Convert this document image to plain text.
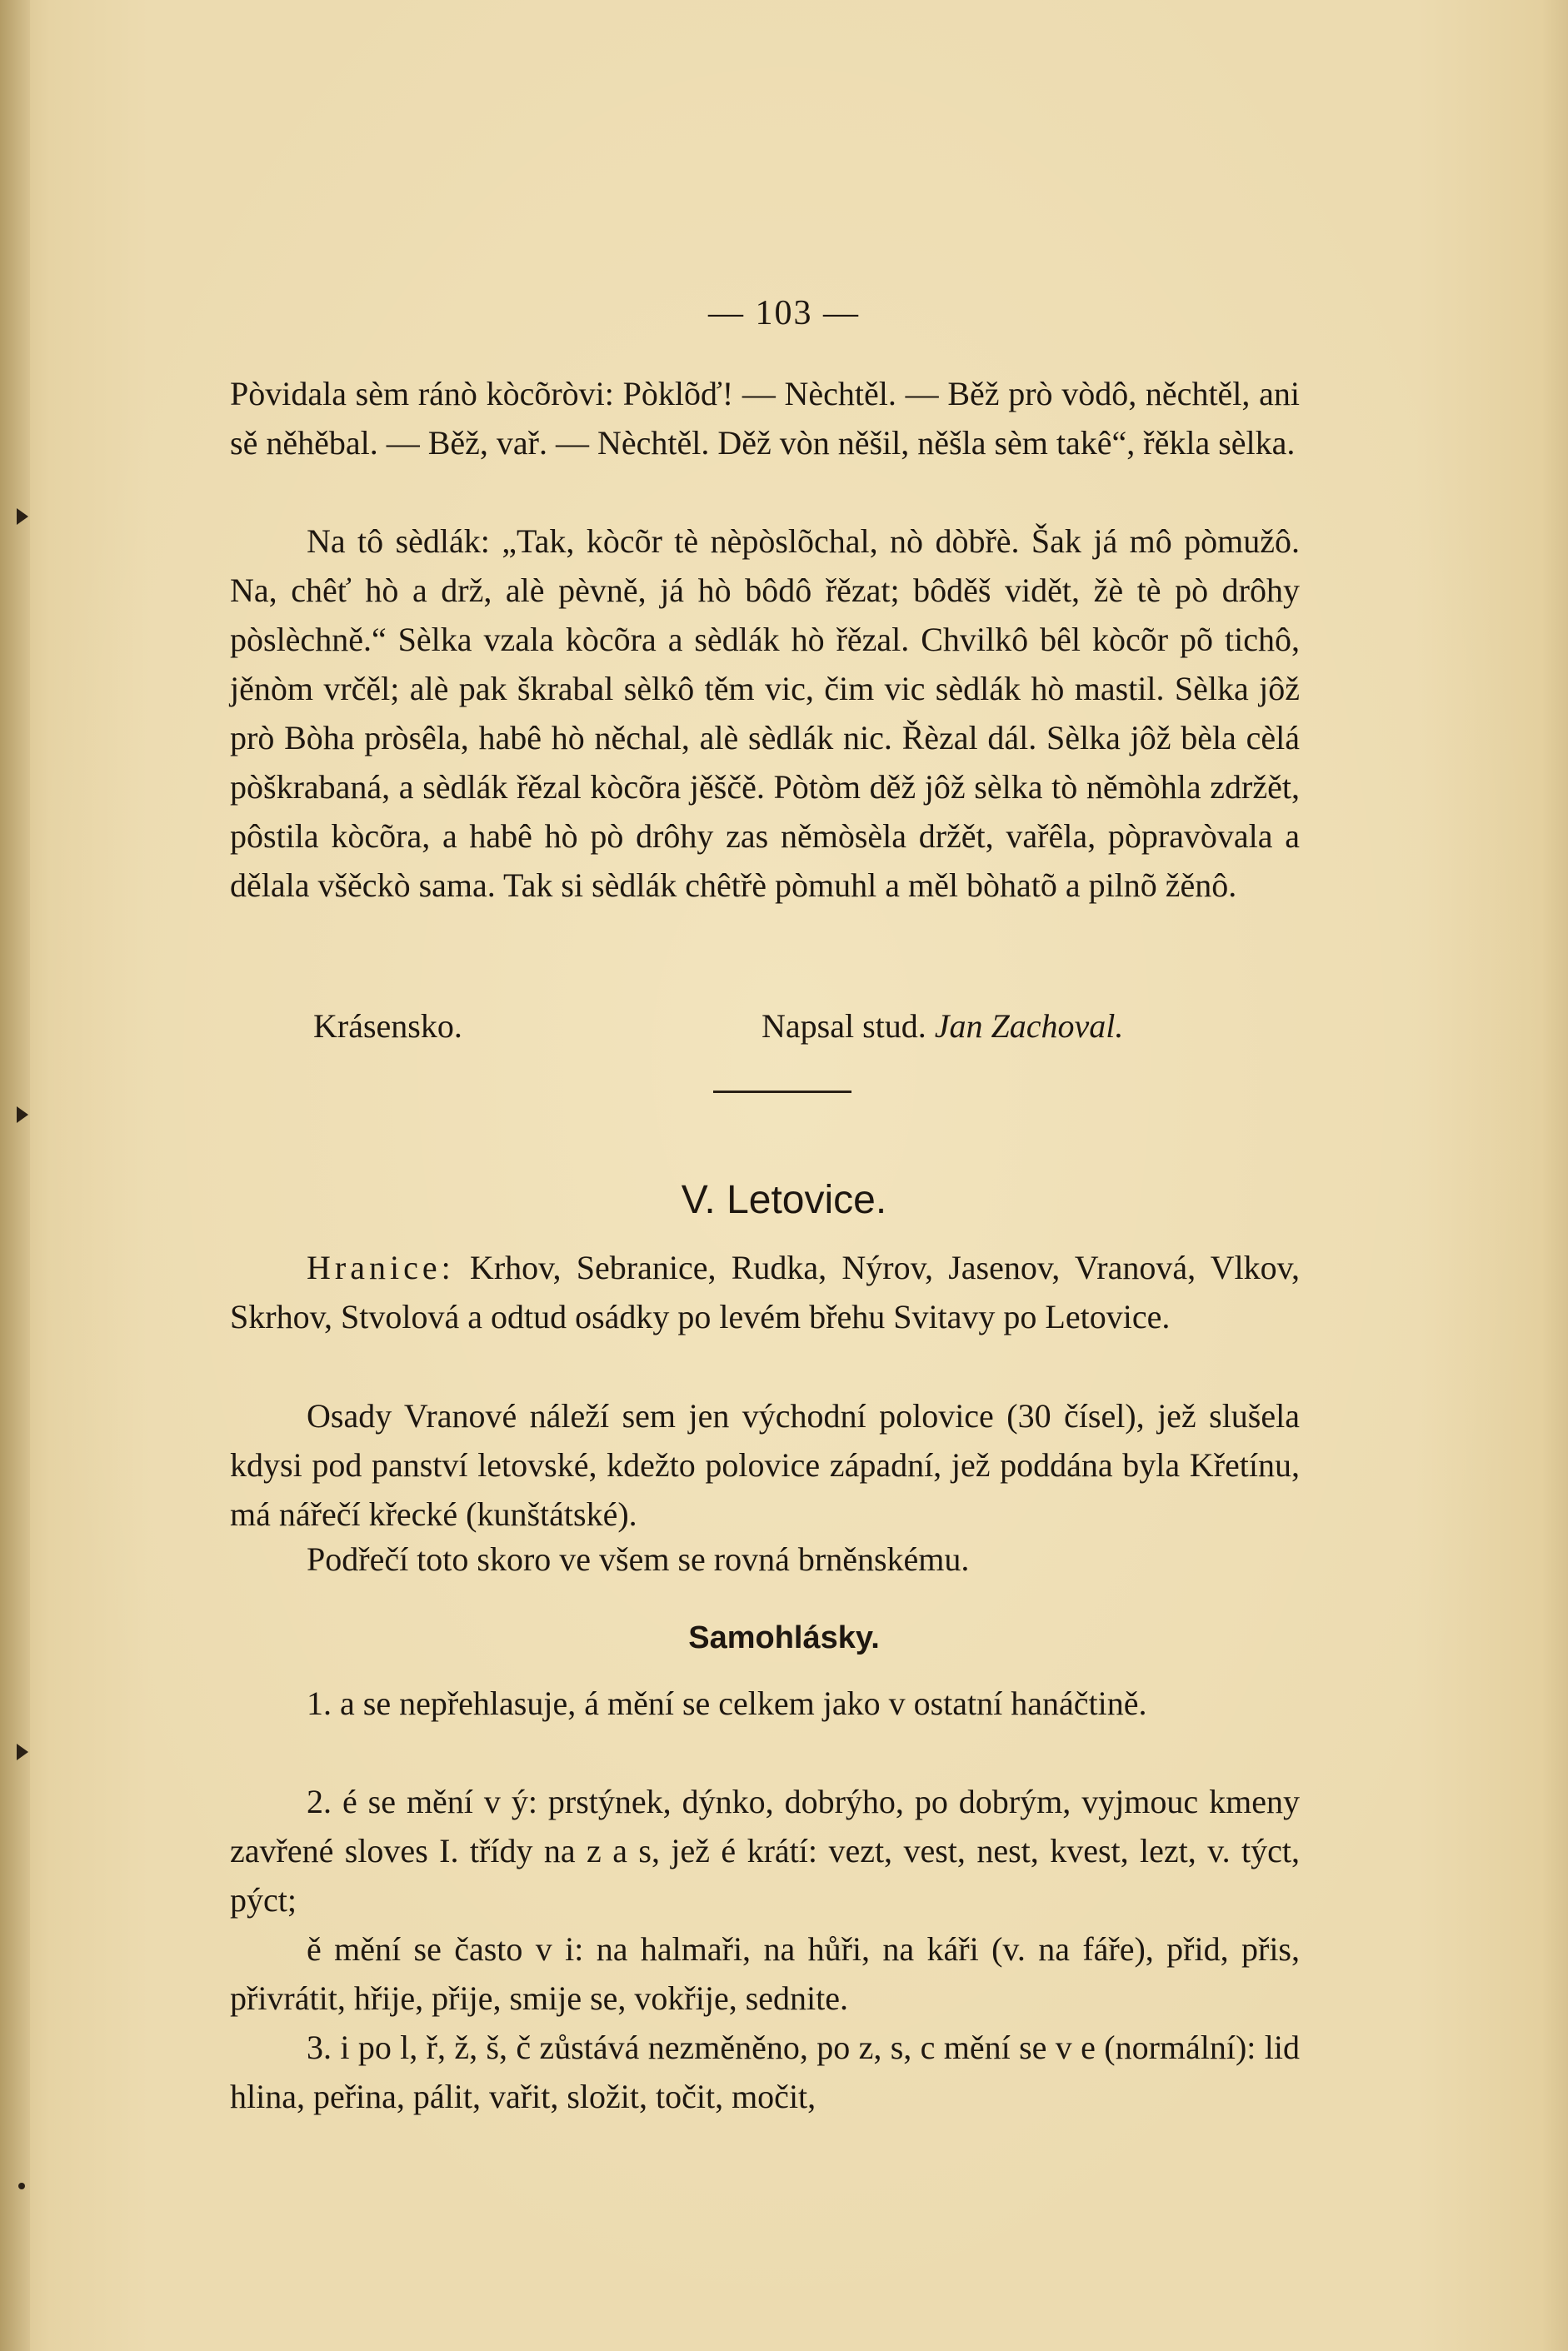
— 103 —

Pòvidala sèm ránò kòcõròvi: Pòklõď! — Nèchtěl. — Běž prò vòdô, něchtěl, ani sě něhěbal. — Běž, vař. — Nèchtěl. Děž vòn něšil, něšla sèm takê“, řěkla sèlka.

Na tô sèdlák: „Tak, kòcõr tè nèpòslõchal, nò dòbřè. Šak já mô pòmužô. Na, chêť hò a drž, alè pèvně, já hò bôdô řězat; bôděš vidět, žè tè pò drôhy pòslèchně.“ Sèlka vzala kòcõra a sèdlák hò řězal. Chvilkô bêl kòcõr põ tichô, jěnòm vrčěl; alè pak škrabal sèlkô těm vic, čim vic sèdlák hò mastil. Sèlka jôž prò Bòha pròsêla, habê hò něchal, alè sèdlák nic. Řèzal dál. Sèlka jôž bèla cèlá pòškrabaná, a sèdlák řězal kòcõra jěščě. Pòtòm děž jôž sèlka tò němòhla zdržět, pôstila kòcõra, a habê hò pò drôhy zas němòsèla držět, vařêla, pòpravòvala a dělala všěckò sama. Tak si sèdlák chêtřè pòmuhl a měl bòhatõ a pilnõ žěnô.

Krásensko.	Napsal stud. Jan Zachoval.
V. Letovice.

Hranice: Krhov, Sebranice, Rudka, Nýrov, Jasenov, Vranová, Vlkov, Skrhov, Stvolová a odtud osádky po levém břehu Svitavy po Letovice.

Osady Vranové náleží sem jen východní polovice (30 čísel), jež slušela kdysi pod panství letovské, kdežto polovice západní, jež poddána byla Křetínu, má nářečí křecké (kunštátské).

Podřečí toto skoro ve všem se rovná brněnskému.

Samohlásky.

1. a se nepřehlasuje, á mění se celkem jako v ostatní hanáčtině.

2. é se mění v ý: prstýnek, dýnko, dobrýho, po dobrým, vyjmouc kmeny zavřené sloves I. třídy na z a s, jež é krátí: vezt, vest, nest, kvest, lezt, v. týct, pýct;

ě mění se často v i: na halmaři, na hůři, na káři (v. na fáře), přid, přis, přivrátit, hřije, přije, smije se, vokřije, sednite.

3. i po l, ř, ž, š, č zůstává nezměněno, po z, s, c mění se v e (normální): lid hlina, peřina, pálit, vařit, složit, točit, močit,
